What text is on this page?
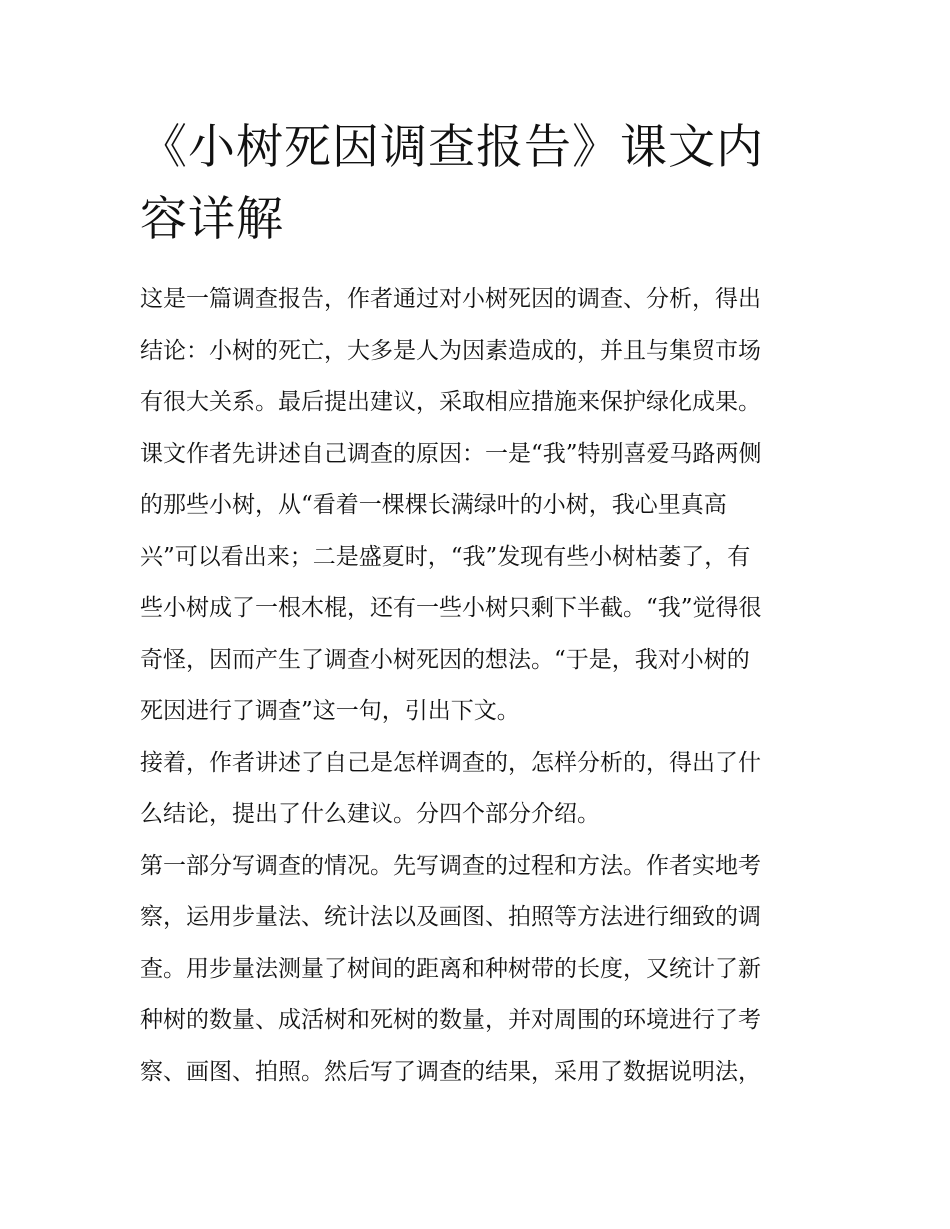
《小树死因调查报告》课文内
容详解

这是一篇调查报告，作者通过对小树死因的调查、分析，得出

结论：小树的死亡，大多是人为因素造成的，并且与集贸市场

有很大关系。最后提出建议，采取相应措施来保护绿化成果。

课文作者先讲述自己调查的原因：一是“我”特别喜爱马路两侧

的那些小树，从“看着一棵棵长满绿叶的小树，我心里真高

兴”可以看出来；二是盛夏时，“我”发现有些小树枯萎了，有

些小树成了一根木棍，还有一些小树只剩下半截。“我”觉得很

奇怪，因而产生了调查小树死因的想法。“于是，我对小树的

死因进行了调查”这一句，引出下文。

接着，作者讲述了自己是怎样调查的，怎样分析的，得出了什

么结论，提出了什么建议。分四个部分介绍。

第一部分写调查的情况。先写调查的过程和方法。作者实地考

察，运用步量法、统计法以及画图、拍照等方法进行细致的调

查。用步量法测量了树间的距离和种树带的长度，又统计了新

种树的数量、成活树和死树的数量，并对周围的环境进行了考

察、画图、拍照。然后写了调查的结果，采用了数据说明法，
